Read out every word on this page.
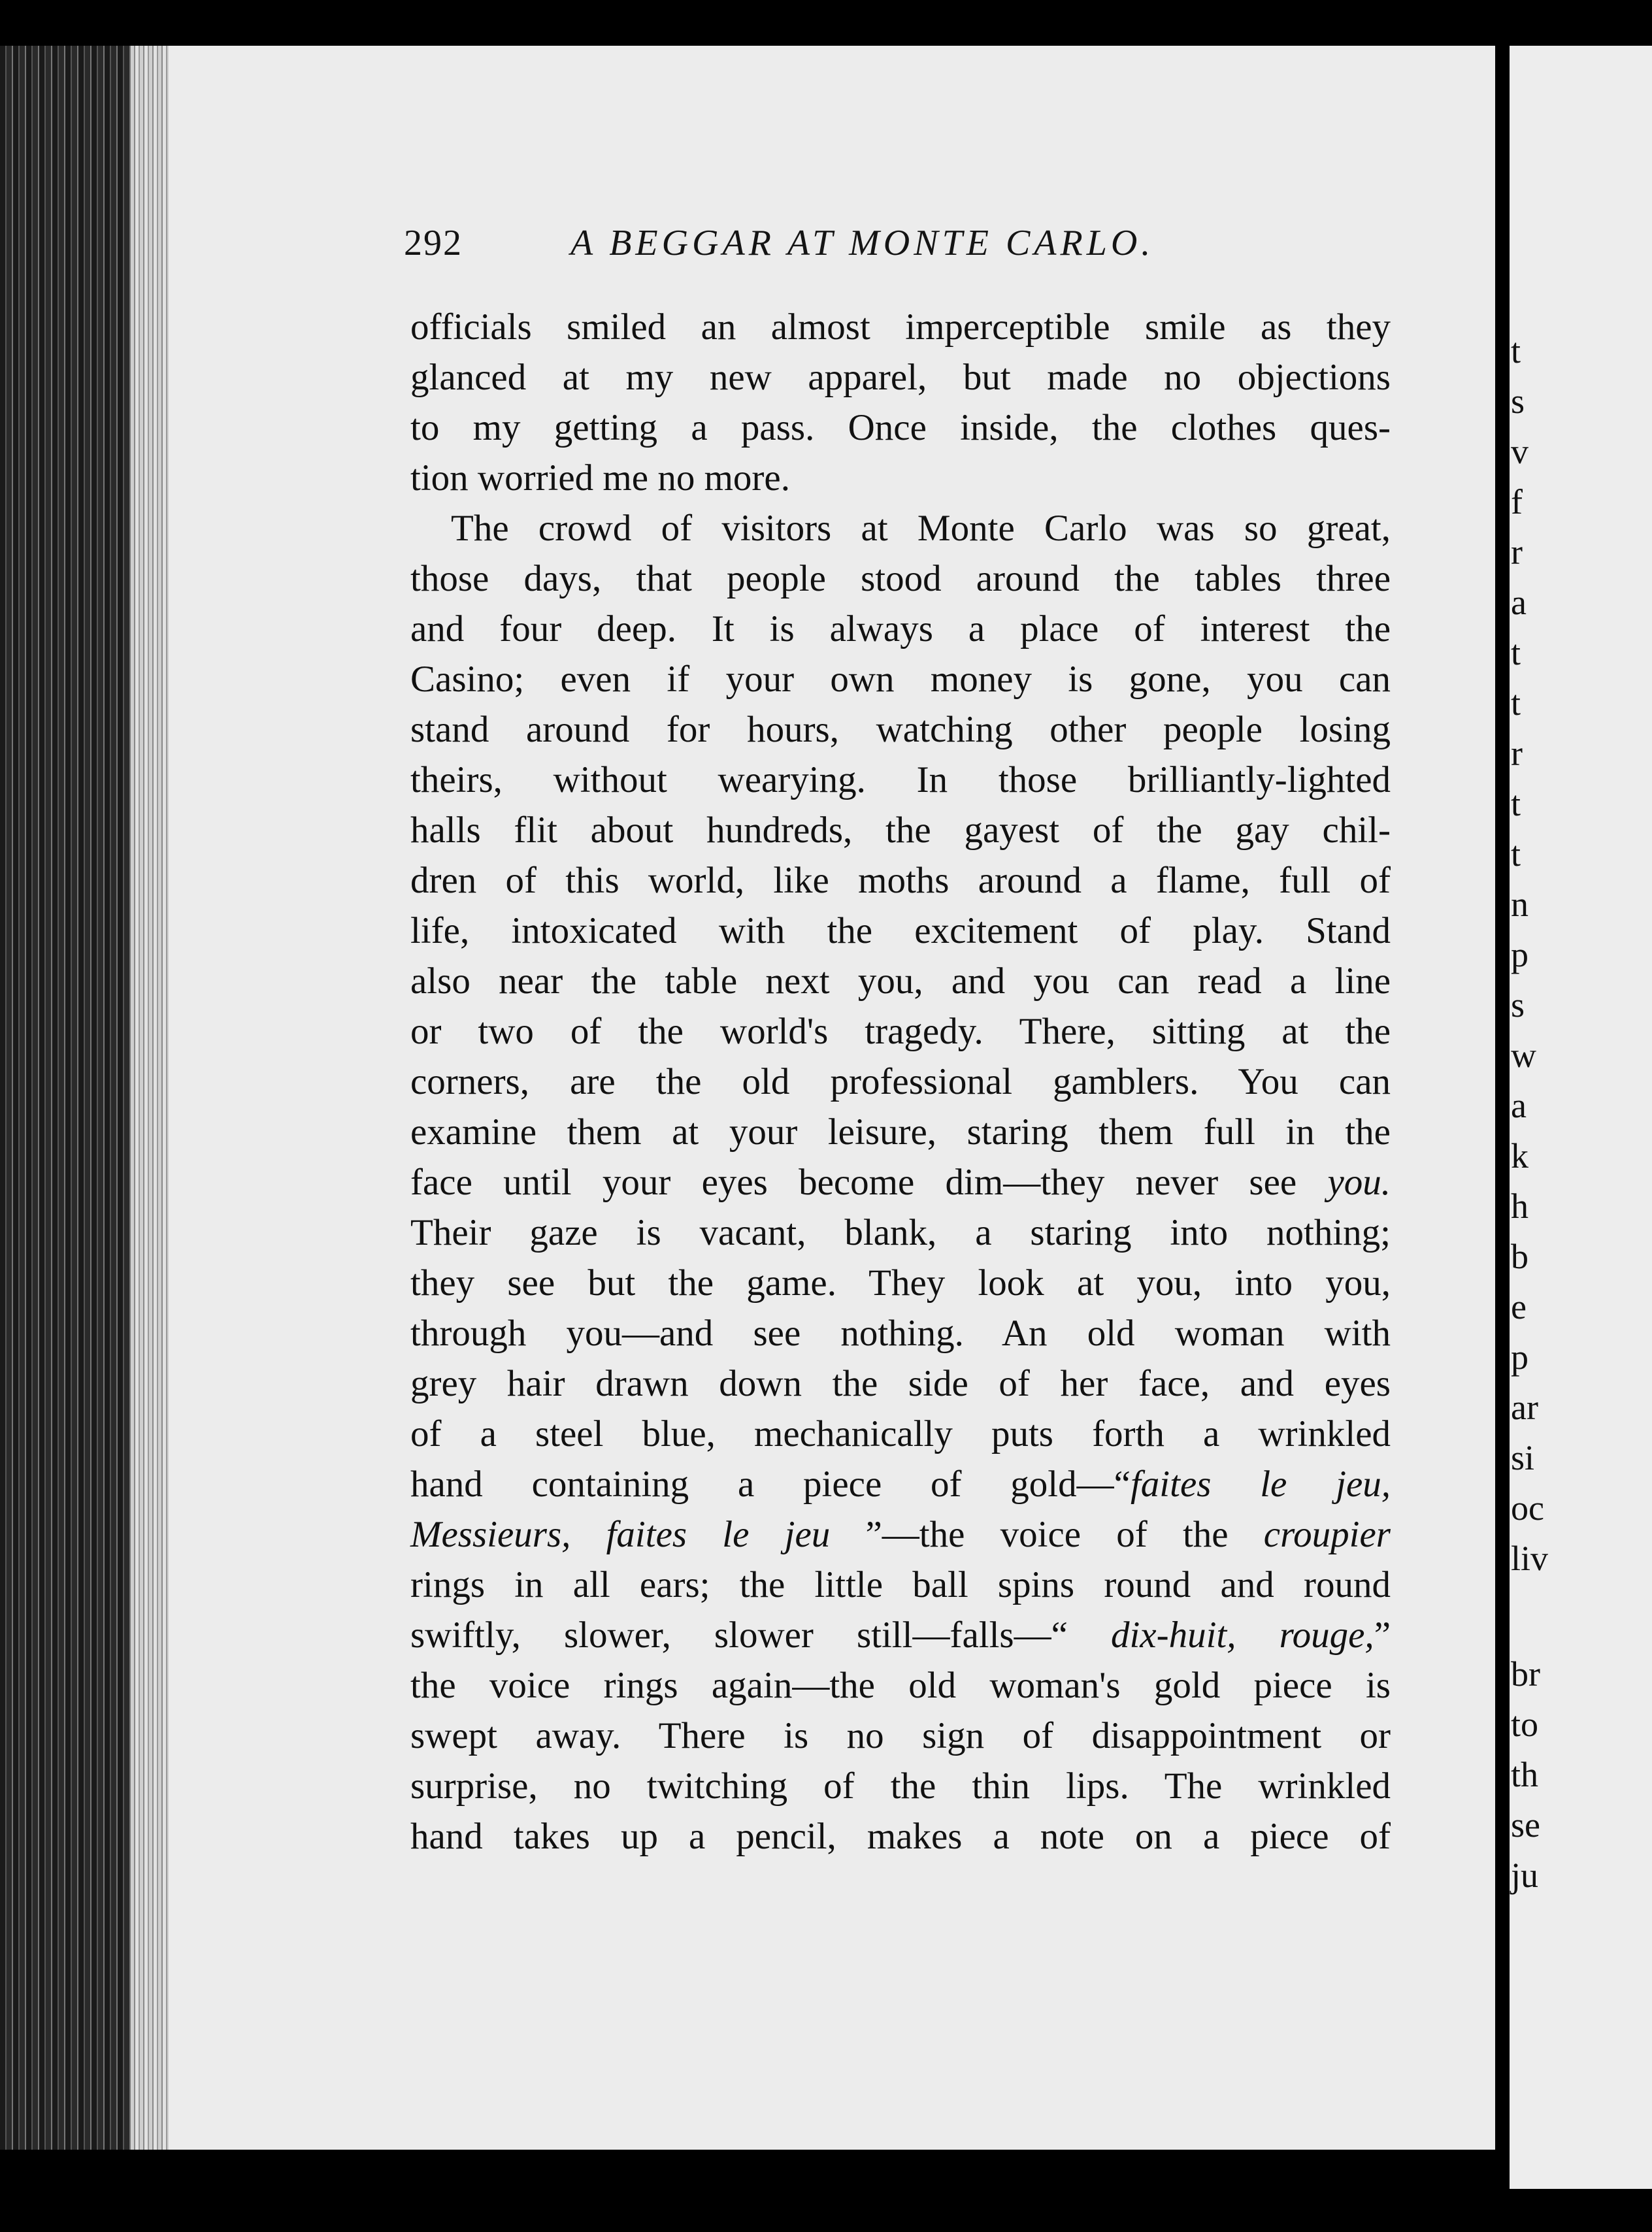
t
s
v
f
r
a
t
t
r
t
t
n
p
s
w
a
k
h
b
e
p
ar
si
oc
liv
br
to
th
se
ju
292	A BEGGAR AT MONTE CARLO.
officials smiled an almost imperceptible smile as they
glanced at my new apparel, but made no objections
to my getting a pass. Once inside, the clothes ques-
tion worried me no more.
The crowd of visitors at Monte Carlo was so great,
those days, that people stood around the tables three
and four deep. It is always a place of interest the
Casino; even if your own money is gone, you can
stand around for hours, watching other people losing
theirs, without wearying. In those brilliantly-lighted
halls flit about hundreds, the gayest of the gay chil-
dren of this world, like moths around a flame, full of
life, intoxicated with the excitement of play. Stand
also near the table next you, and you can read a line
or two of the world's tragedy. There, sitting at the
corners, are the old professional gamblers. You can
examine them at your leisure, staring them full in the
face until your eyes become dim—they never see you.
Their gaze is vacant, blank, a staring into nothing;
they see but the game. They look at you, into you,
through you—and see nothing. An old woman with
grey hair drawn down the side of her face, and eyes
of a steel blue, mechanically puts forth a wrinkled
hand containing a piece of gold—“faites le jeu,
Messieurs, faites le jeu ”—the voice of the croupier
rings in all ears; the little ball spins round and round
swiftly, slower, slower still—falls—“ dix-huit, rouge,”
the voice rings again—the old woman's gold piece is
swept away. There is no sign of disappointment or
surprise, no twitching of the thin lips. The wrinkled
hand takes up a pencil, makes a note on a piece of
